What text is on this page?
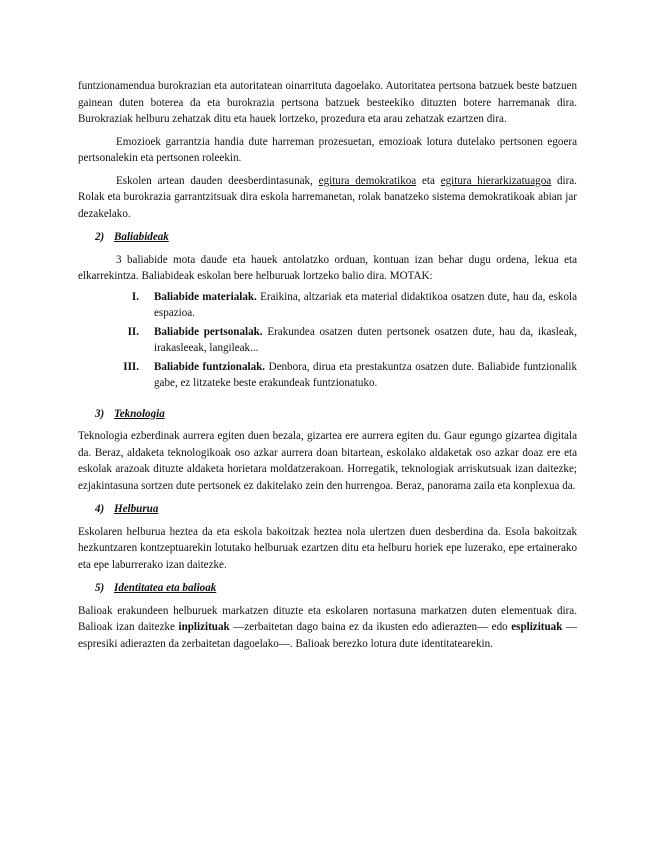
funtzionamendua burokrazian eta autoritatean oinarrituta dagoelako. Autoritatea pertsona batzuek beste batzuen gainean duten boterea da eta burokrazia pertsona batzuek besteekiko dituzten botere harremanak dira. Burokraziak helburu zehatzak ditu eta hauek lortzeko, prozedura eta arau zehatzak ezartzen dira.

Emozioek garrantzia handia dute harreman prozesuetan, emozioak lotura dutelako pertsonen egoera pertsonalekin eta pertsonen roleekin.

Eskolen artean dauden deesberdintasunak, egitura demokratikoa eta egitura hierarkizatuagoa dira. Rolak eta burokrazia garrantzitsuak dira eskola harremanetan, rolak banatzeko sistema demokratikoak abian jar dezakelako.

2) Baliabideak

3 baliabide mota daude eta hauek antolatzko orduan, kontuan izan behar dugu ordena, lekua eta elkarrekintza. Baliabideak eskolan bere helburuak lortzeko balio dira. MOTAK:

I.	Baliabide materialak. Eraikina, altzariak eta material didaktikoa osatzen dute, hau da, eskola espazioa.
II.	Baliabide pertsonalak. Erakundea osatzen duten pertsonek osatzen dute, hau da, ikasleak, irakasleeak, langileak...
III.	Baliabide funtzionalak. Denbora, dirua eta prestakuntza osatzen dute. Baliabide funtzionalik gabe, ez litzateke beste erakundeak funtzionatuko.
3) Teknologia

Teknologia ezberdinak aurrera egiten duen bezala, gizartea ere aurrera egiten du. Gaur egungo gizartea digitala da. Beraz, aldaketa teknologikoak oso azkar aurrera doan bitartean, eskolako aldaketak oso azkar doaz ere eta eskolak arazoak dituzte aldaketa horietara moldatzerakoan. Horregatik, teknologiak arriskutsuak izan daitezke; ezjakintasuna sortzen dute pertsonek ez dakitelako zein den hurrengoa. Beraz, panorama zaila eta konplexua da.

4) Helburua

Eskolaren helburua heztea da eta eskola bakoitzak heztea nola ulertzen duen desberdina da. Esola bakoitzak hezkuntzaren kontzeptuarekin lotutako helburuak ezartzen ditu eta helburu horiek epe luzerako, epe ertainerako eta epe laburrerako izan daitezke.

5) Identitatea eta balioak

Balioak erakundeen helburuek markatzen dituzte eta eskolaren nortasuna markatzen duten elementuak dira. Balioak izan daitezke inplizituak —zerbaitetan dago baina ez da ikusten edo adierazten— edo esplizituak —espresiki adierazten da zerbaitetan dagoelako—. Balioak berezko lotura dute identitatearekin.
